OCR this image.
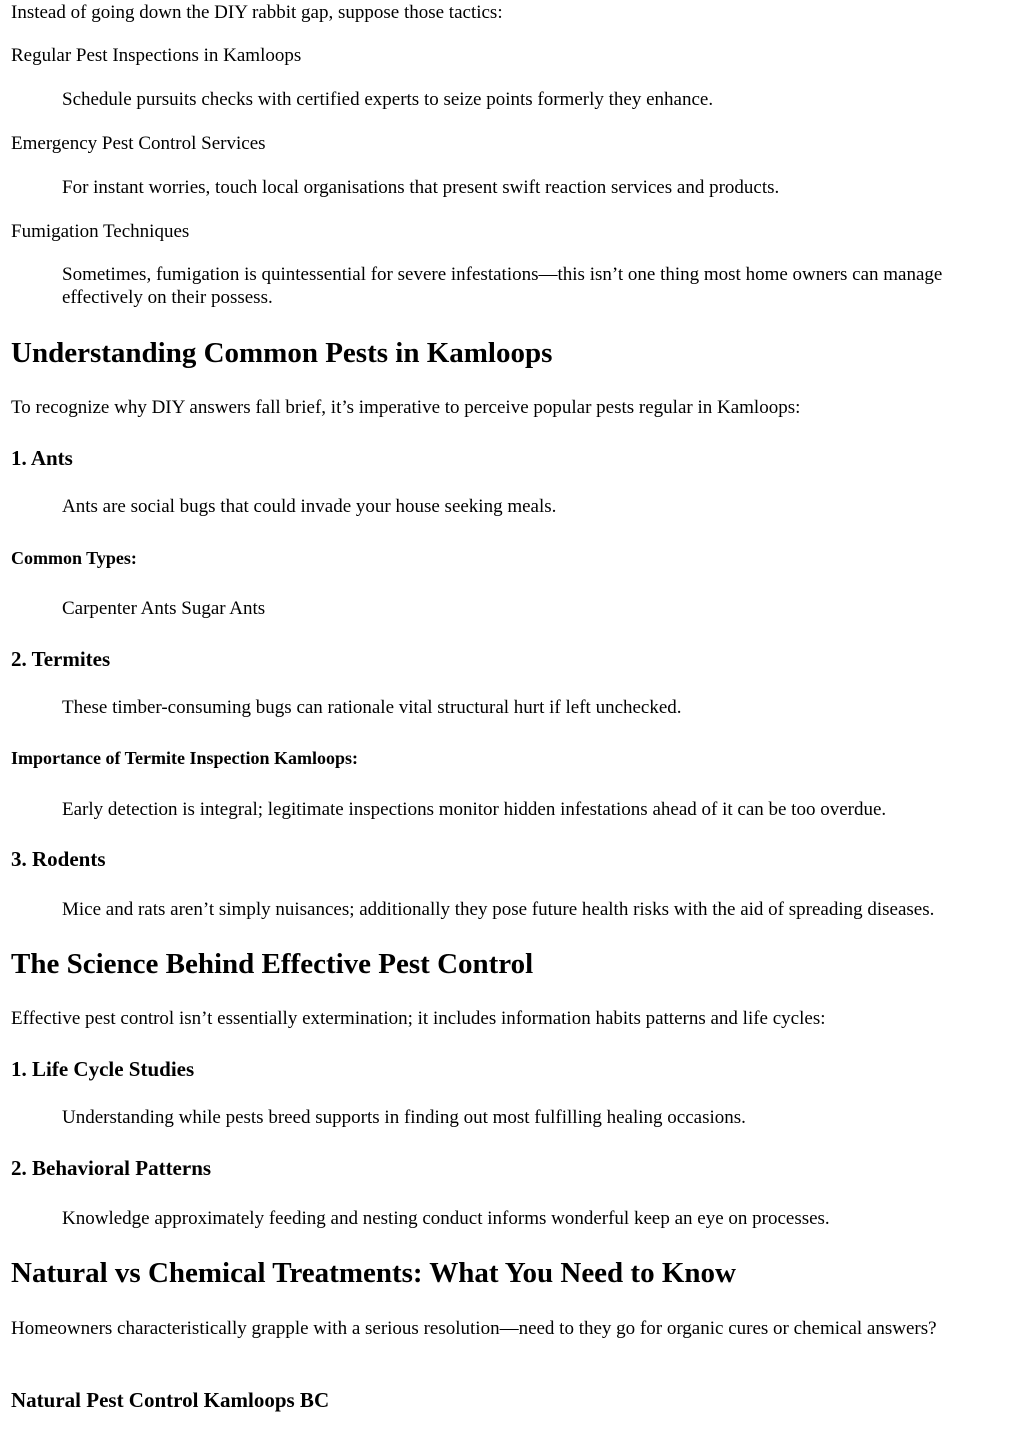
Instead of going down the DIY rabbit gap, suppose those tactics:

Regular Pest Inspections in Kamloops

Schedule pursuits checks with certified experts to seize points formerly they enhance.

Emergency Pest Control Services

For instant worries, touch local organisations that present swift reaction services and products.

Fumigation Techniques

Sometimes, fumigation is quintessential for severe infestations—this isn’t one thing most home owners can manage effectively on their possess.

Understanding Common Pests in Kamloops

To recognize why DIY answers fall brief, it’s imperative to perceive popular pests regular in Kamloops:

1. Ants

Ants are social bugs that could invade your house seeking meals.

Common Types:

Carpenter Ants Sugar Ants

2. Termites

These timber-consuming bugs can rationale vital structural hurt if left unchecked.

Importance of Termite Inspection Kamloops:

Early detection is integral; legitimate inspections monitor hidden infestations ahead of it can be too overdue.

3. Rodents

Mice and rats aren’t simply nuisances; additionally they pose future health risks with the aid of spreading diseases.

The Science Behind Effective Pest Control

Effective pest control isn’t essentially extermination; it includes information habits patterns and life cycles:

1. Life Cycle Studies

Understanding while pests breed supports in finding out most fulfilling healing occasions.

2. Behavioral Patterns

Knowledge approximately feeding and nesting conduct informs wonderful keep an eye on processes.

Natural vs Chemical Treatments: What You Need to Know

Homeowners characteristically grapple with a serious resolution—need to they go for organic cures or chemical answers?

Natural Pest Control Kamloops BC
